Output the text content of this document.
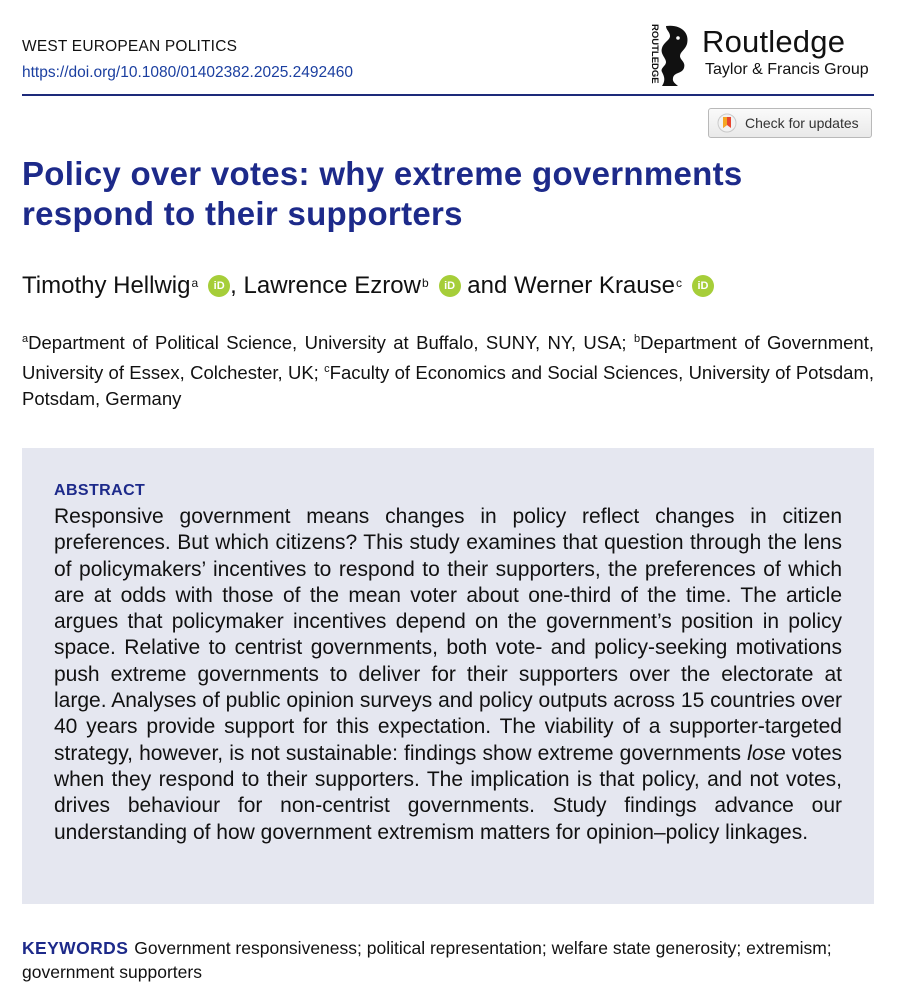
WEST EUROPEAN POLITICS
https://doi.org/10.1080/01402382.2025.2492460	ROUTLEDGE Routledge
Taylor & Francis Group
Check for updates
Policy over votes: why extreme governments respond to their supporters
Timothy Hellwig$^a$	iD , Lawrence Ezrow$^b$	iD and Werner Krause$^c$	iD

$^a$Department of Political Science, University at Buffalo, SUNY, NY, USA; $^b$Department of Government, University of Essex, Colchester, UK; $^c$Faculty of Economics and Social Sciences, University of Potsdam, Potsdam, Germany

ABSTRACT

Responsive government means changes in policy reflect changes in citizen preferences. But which citizens? This study examines that question through the lens of policymakers’ incentives to respond to their supporters, the preferences of which are at odds with those of the mean voter about one-third of the time. The article argues that policymaker incentives depend on the government’s position in policy space. Relative to centrist governments, both vote- and policy-seeking motivations push extreme governments to deliver for their supporters over the electorate at large. Analyses of public opinion surveys and policy outputs across 15 countries over 40 years provide support for this expectation. The viability of a supporter-targeted strategy, however, is not sustainable: findings show extreme governments lose votes when they respond to their supporters. The implication is that policy, and not votes, drives behaviour for non-centrist governments. Study findings advance our understanding of how government extremism matters for opinion–policy linkages.

KEYWORDS Government responsiveness; political representation; welfare state generosity; extremism; government supporters
